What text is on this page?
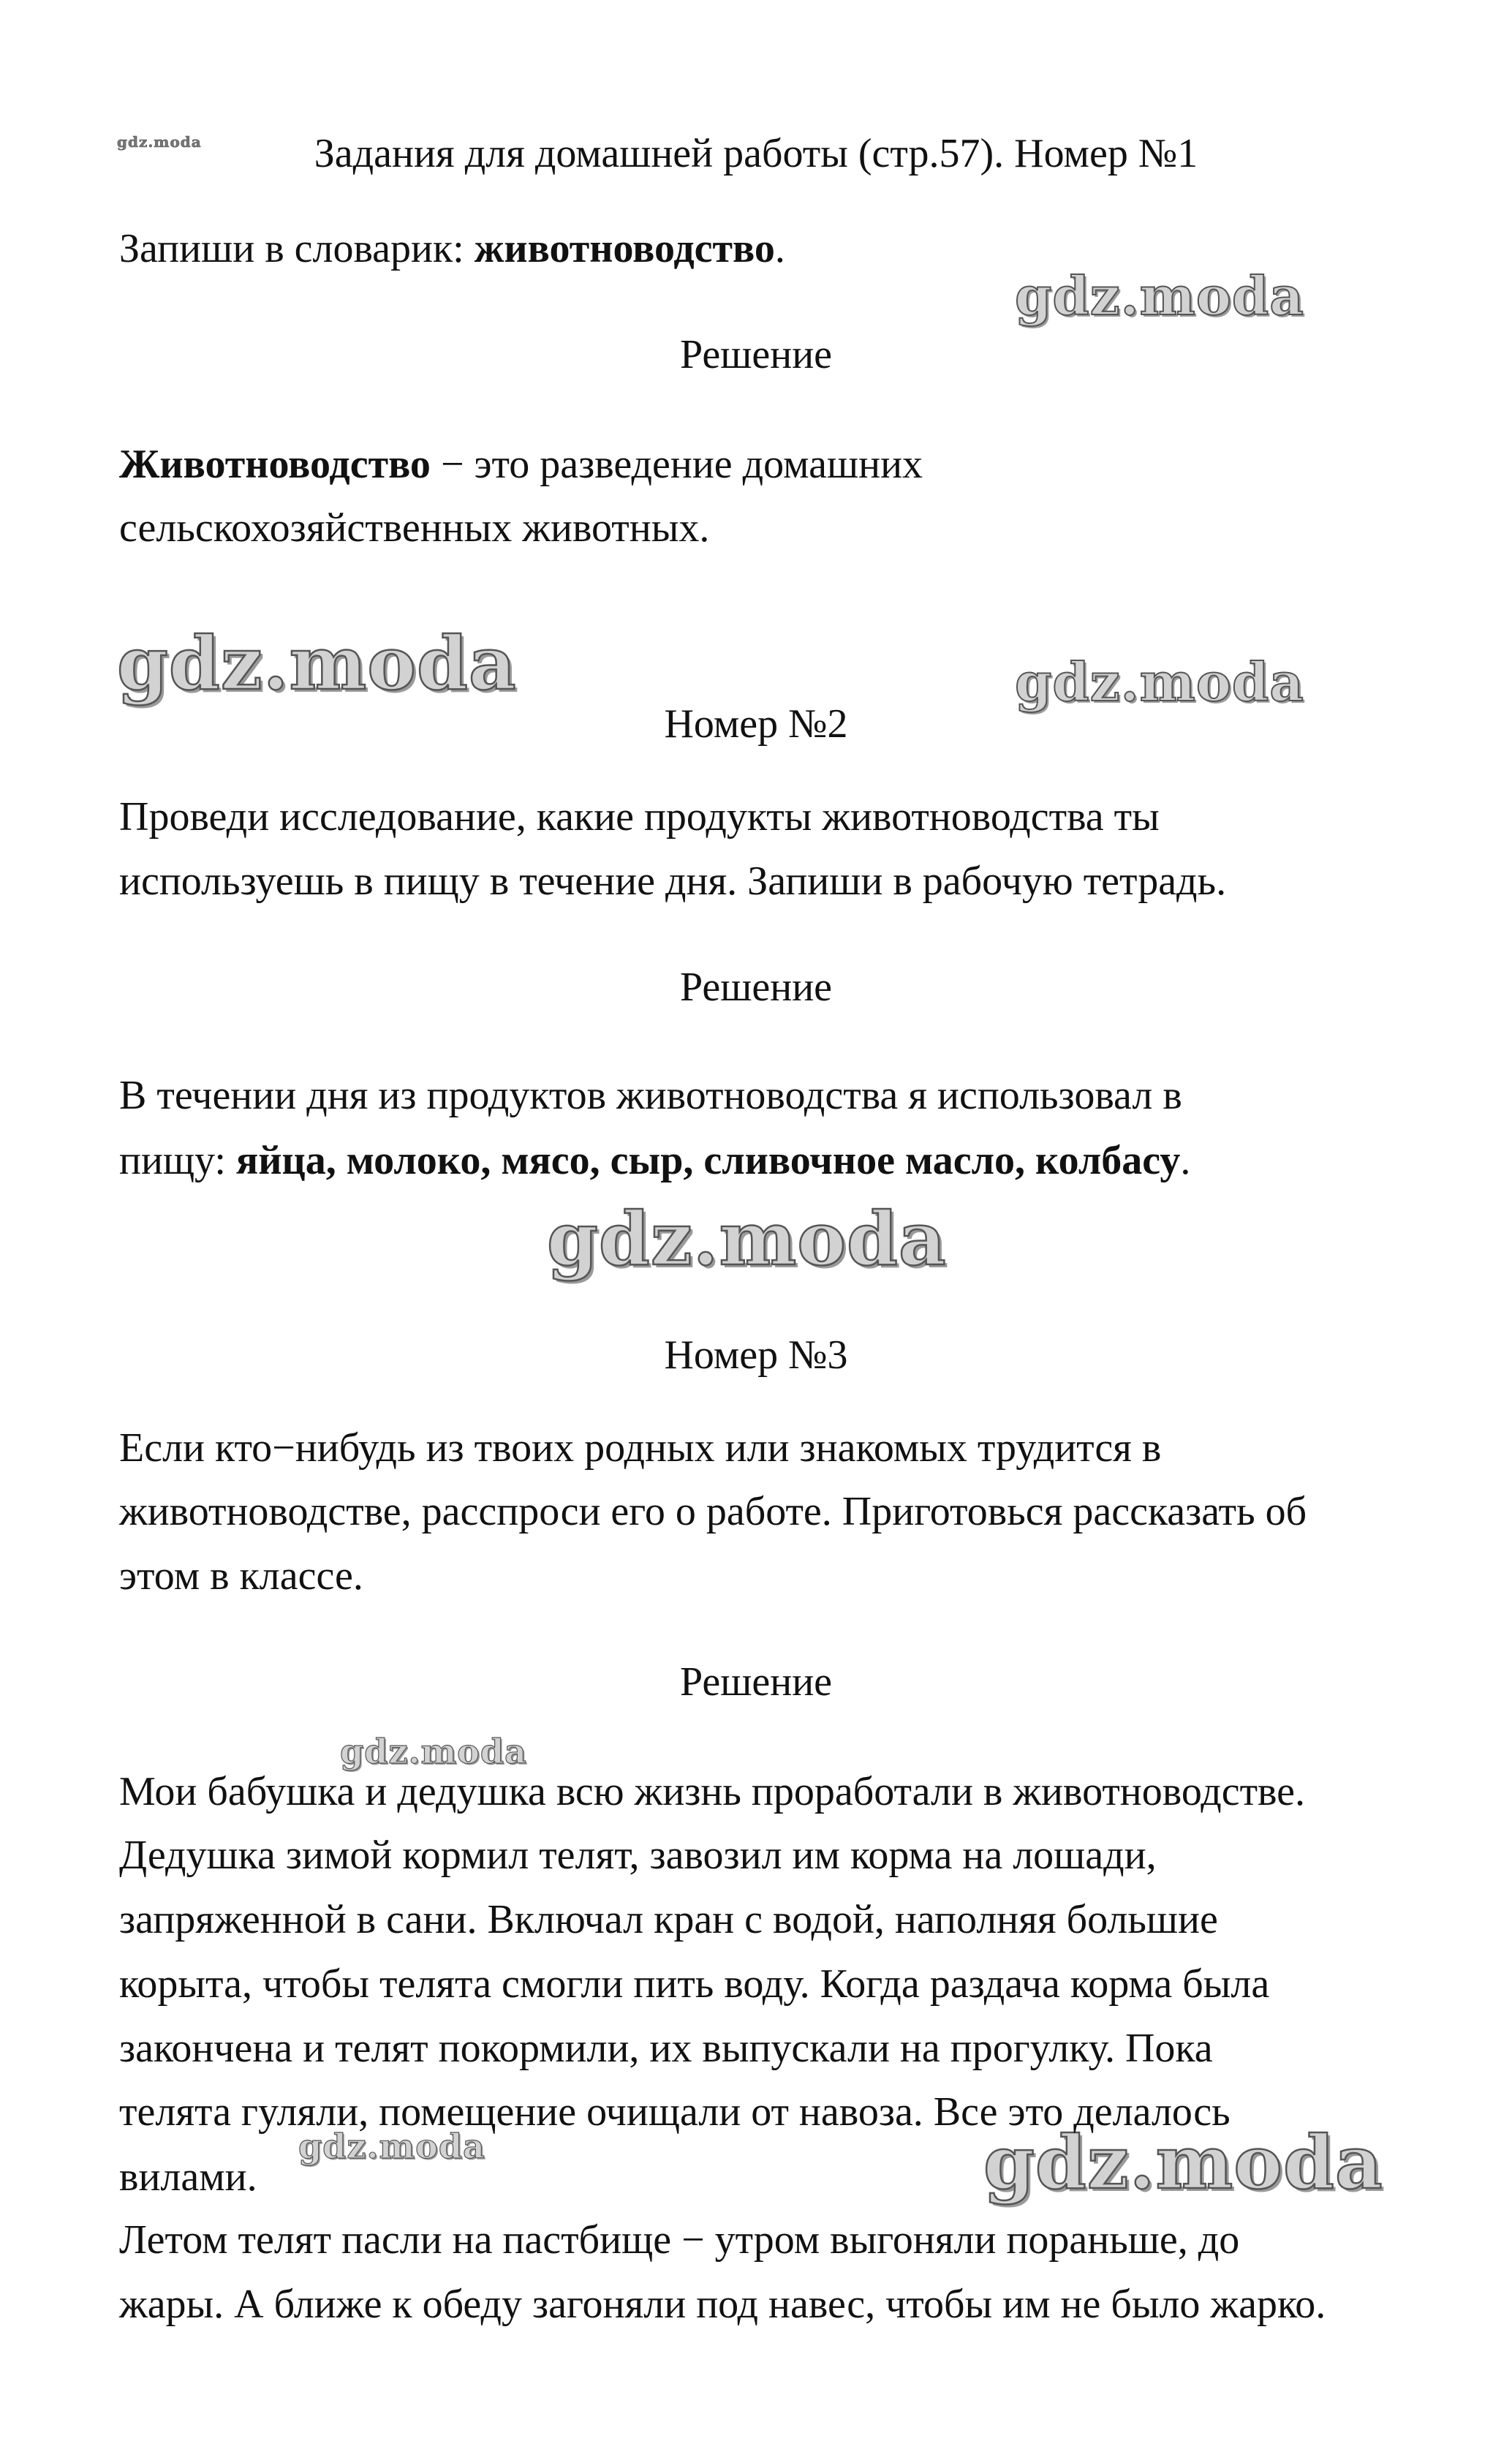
gdz.moda
gdz.moda
gdz.moda	gdz.moda
gdz.moda
gdz.moda
gdz.moda	gdz.moda

Задания для домашней работы (стр.57). Номер №1

Запиши в словарик: животноводство.

Решение

Животноводство − это разведение домашних

сельскохозяйственных животных.

Номер №2

Проведи исследование, какие продукты животноводства ты

используешь в пищу в течение дня. Запиши в рабочую тетрадь.

Решение

В течении дня из продуктов животноводства я использовал в

пищу: яйца, молоко, мясо, сыр, сливочное масло, колбасу.

Номер №3

Если кто−нибудь из твоих родных или знакомых трудится в

животноводстве, расспроси его о работе. Приготовься рассказать об

этом в классе.

Решение

Мои бабушка и дедушка всю жизнь проработали в животноводстве.

Дедушка зимой кормил телят, завозил им корма на лошади,

запряженной в сани. Включал кран с водой, наполняя большие

корыта, чтобы телята смогли пить воду. Когда раздача корма была

закончена и телят покормили, их выпускали на прогулку. Пока

телята гуляли, помещение очищали от навоза. Все это делалось

вилами.

Летом телят пасли на пастбище − утром выгоняли пораньше, до

жары. А ближе к обеду загоняли под навес, чтобы им не было жарко.
